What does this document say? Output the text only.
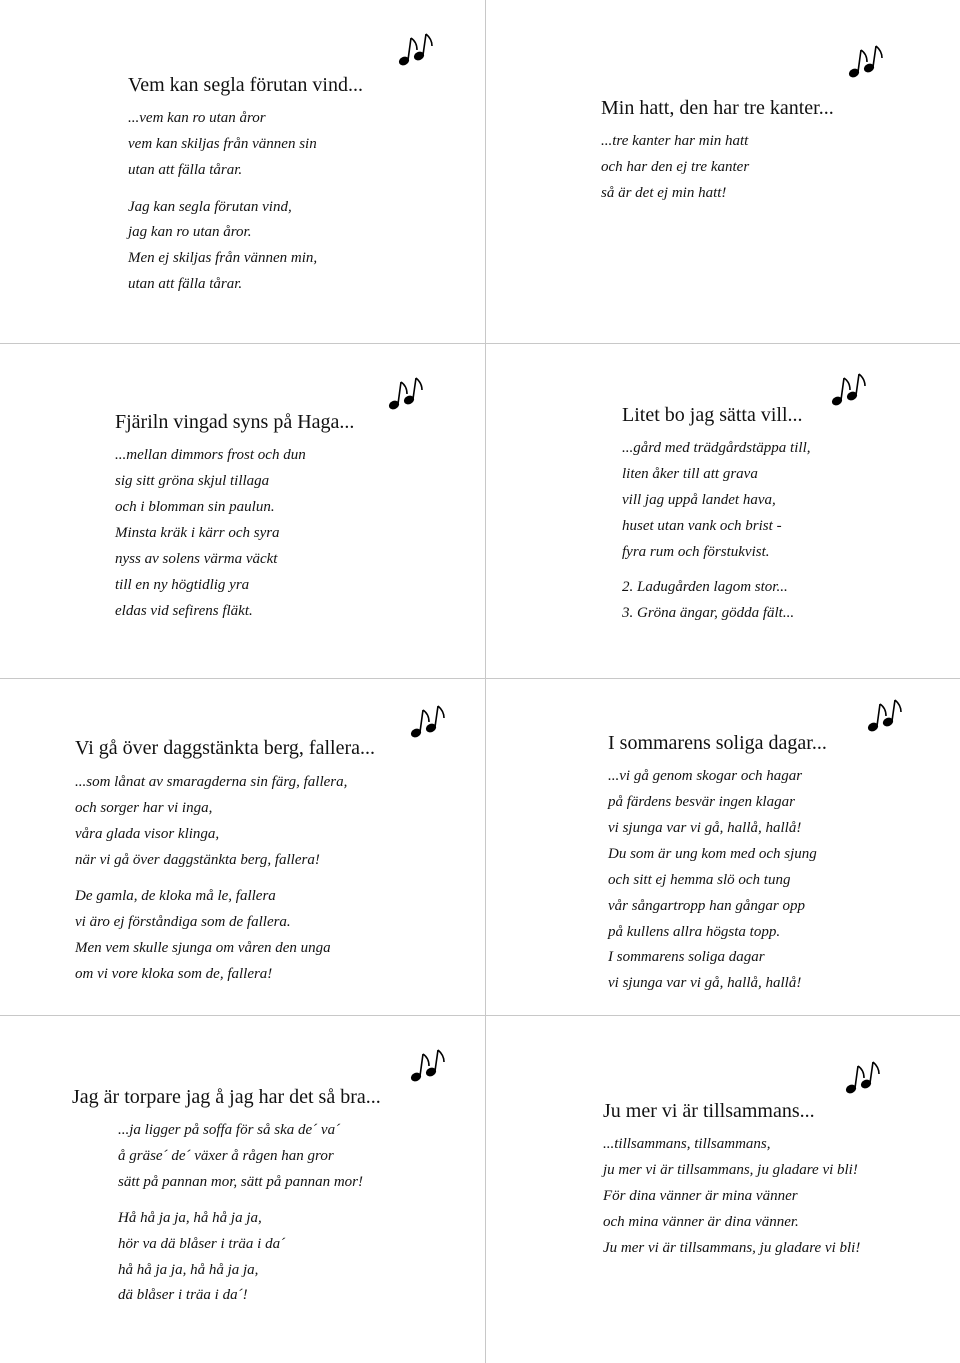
Vem kan segla förutan vind...
...vem kan ro utan åror
vem kan skiljas från vännen sin
utan att fälla tårar.
Jag kan segla förutan vind,
jag kan ro utan åror.
Men ej skiljas från vännen min,
utan att fälla tårar.
Min hatt, den har tre kanter...
...tre kanter har min hatt
och har den ej tre kanter
så är det ej min hatt!
Fjäriln vingad syns på Haga...
...mellan dimmors frost och dun
sig sitt gröna skjul tillaga
och i blomman sin paulun.
Minsta kräk i kärr och syra
nyss av solens värma väckt
till en ny högtidlig yra
eldas vid sefirens fläkt.
Litet bo jag sätta vill...
...gård med trädgårdstäppa till,
liten åker till att grava
vill jag uppå landet hava,
huset utan vank och brist -
fyra rum och förstukvist.
2. Ladugården lagom stor...
3. Gröna ängar, gödda fält...
Vi gå över daggstänkta berg, fallera...
...som lånat av smaragderna sin färg, fallera,
och sorger har vi inga,
våra glada visor klinga,
när vi gå över daggstänkta berg, fallera!
De gamla, de kloka må le, fallera
vi äro ej förståndiga som de fallera.
Men vem skulle sjunga om våren den unga
om vi vore kloka som de, fallera!
I sommarens soliga dagar...
...vi gå genom skogar och hagar
på färdens besvär ingen klagar
vi sjunga var vi gå, hallå, hallå!
Du som är ung kom med och sjung
och sitt ej hemma slö och tung
vår sångartropp han gångar opp
på kullens allra högsta topp.
I sommarens soliga dagar
vi sjunga var vi gå, hallå, hallå!
Jag är torpare jag å jag har det så bra...
...ja ligger på soffa för så ska de´ va´
å gräse´ de´ växer å rågen han gror
sätt på pannan mor, sätt på pannan mor!
Hå hå ja ja, hå hå ja ja,
hör va dä blåser i träa i da´
hå hå ja ja, hå hå ja ja,
dä blåser i träa i da´!
Ju mer vi är tillsammans...
...tillsammans, tillsammans,
ju mer vi är tillsammans, ju gladare vi bli!
För dina vänner är mina vänner
och mina vänner är dina vänner.
Ju mer vi är tillsammans, ju gladare vi bli!
